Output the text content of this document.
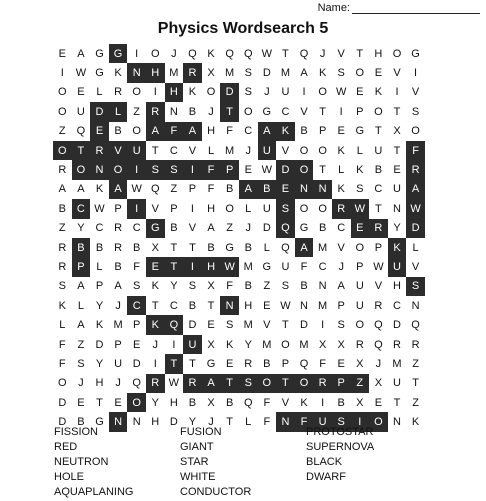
Name:
Physics Wordsearch 5
E	A G G	I	O	J	Q K Q Q W T Q	J	V	T	H O G
I	W G K N H M R X M S D M A	K	S O E	V	I
O E	L	R O	I	H K O D S	J	U	I	O W E	K	I	V
O U D	L	Z	R N B	J	T O G C V	T	I	P O T	S
Z Q E	B O A	F	A H	F	C A	K	B	P	E G T	X O
O T	R V U	T	C V	L M	J	U V O O K	L	U	T	F
R O N O	I	S	S	I	F	P	E W D O T	L	K	B	E R
A	A	K	A W Q Z	P	F	B	A	B	E N N K	S C U A
B C W P	I	V	P	I	H O	L	U S O O R W T	N W
Z	Y C R C G B	V	A	Z	J	D Q G B C E R Y D
R B	B R B	X	T	T	B G B	L	Q A M V O P	K	L
R P	L	B	F	E	T	I	H W M G U	F	C	J	P W U V
S	A	P	A	S	K	Y	S	X	F	B	Z	S	B N A U V H S
K	L	Y	J	C	T	C B	T	N H E W N M P U R C N
L	A	K M P	K Q D E	S M V	T	D	I	S O Q D Q
F	Z	D P	E	J	I	U X	K	Y M O M X	X R Q R R
F	S	Y U D	I	T	T G E R B	P Q F	E	X	J	M Z
O	J	H	J	Q R W R A	T	S O T O R P	Z	X U	T
D E	T	E O Y H B	X	B Q F	V	K	I	B	X	E	T	Z
D B G N N H D Y	J	T	L	F	N	F	U S	I	O N K
FISSION	FUSION	PROTOSTAR
RED	GIANT	SUPERNOVA
NEUTRON	STAR	BLACK
HOLE	WHITE	DWARF
AQUAPLANING	CONDUCTOR
